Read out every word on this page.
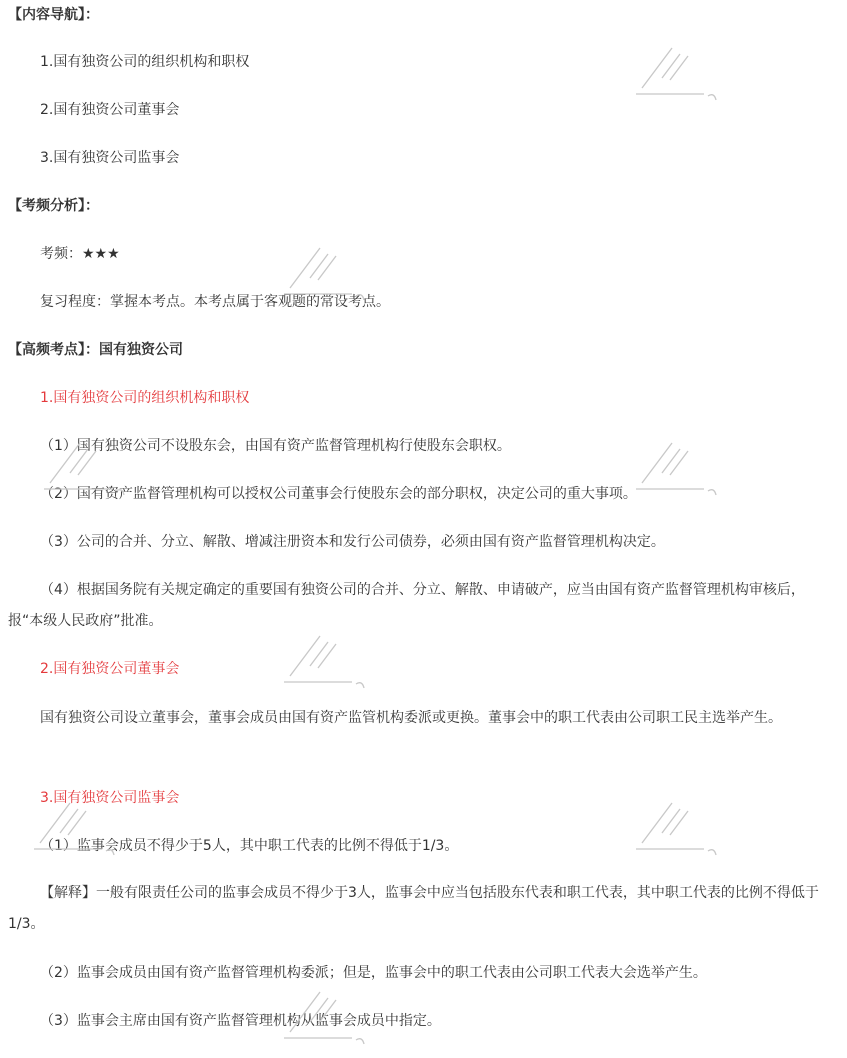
【内容导航】：

1.国有独资公司的组织机构和职权

2.国有独资公司董事会

3.国有独资公司监事会

【考频分析】：

考频：★★★

复习程度：掌握本考点。本考点属于客观题的常设考点。

【高频考点】：国有独资公司

1.国有独资公司的组织机构和职权

（1）国有独资公司不设股东会，由国有资产监督管理机构行使股东会职权。

（2）国有资产监督管理机构可以授权公司董事会行使股东会的部分职权，决定公司的重大事项。

（3）公司的合并、分立、解散、增减注册资本和发行公司债券，必须由国有资产监督管理机构决定。

（4）根据国务院有关规定确定的重要国有独资公司的合并、分立、解散、申请破产，应当由国有资产监督管理机构审核后，报“本级人民政府”批准。

2.国有独资公司董事会

国有独资公司设立董事会，董事会成员由国有资产监管机构委派或更换。董事会中的职工代表由公司职工民主选举产生。

3.国有独资公司监事会

（1）监事会成员不得少于5人，其中职工代表的比例不得低于1/3。

【解释】一般有限责任公司的监事会成员不得少于3人，监事会中应当包括股东代表和职工代表，其中职工代表的比例不得低于1/3。

（2）监事会成员由国有资产监督管理机构委派；但是，监事会中的职工代表由公司职工代表大会选举产生。

（3）监事会主席由国有资产监督管理机构从监事会成员中指定。
